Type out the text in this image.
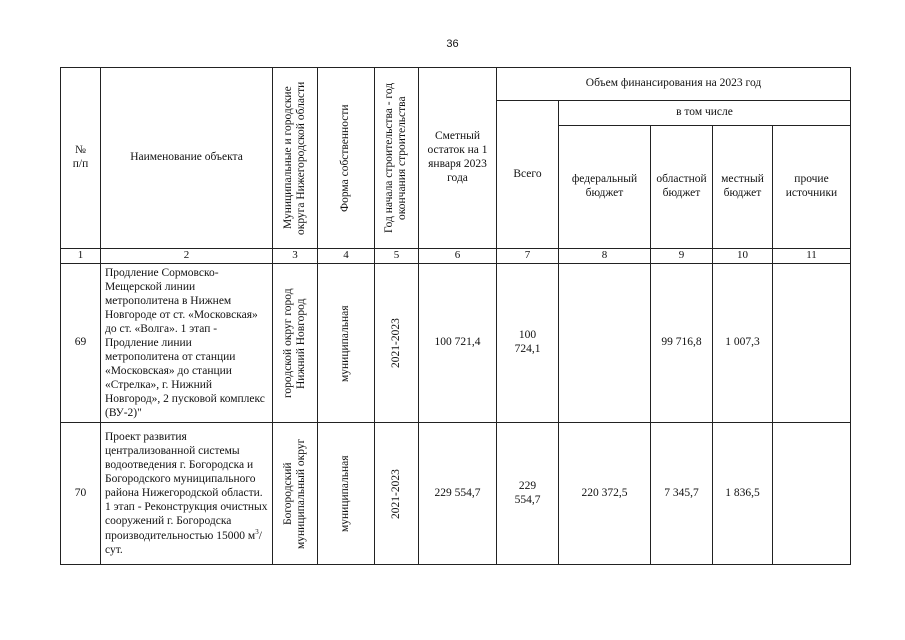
36
№ п/п	Наименование объекта	Муниципальные и городские округа Нижегородской области	Форма собственности	Год начала строительства - год окончания строительства	Сметный остаток на 1 января 2023 года	Объем финансирования на 2023 год				
						Всего	в том числе			
							федеральный бюджет	областной бюджет	местный бюджет	прочие источники
1	2	3	4	5	6	7	8	9	10	11
69	Продление Сормовско-Мещерской линии метрополитена в Нижнем Новгороде от ст. «Московская» до ст. «Волга». 1 этап - Продление линии метрополитена от станции «Московская» до станции «Стрелка», г. Нижний Новгород», 2 пусковой комплекс (ВУ-2)"	городской округ город Нижний Новгород	муниципальная	2021-2023	100 721,4	100 724,1		99 716,8	1 007,3	
70	Проект развития централизованной системы водоотведения г. Богородска и Богородского муниципального района Нижегородской области. 1 этап - Реконструкция очистных сооружений г. Богородска производительностью 15000 $м^3$/сут.	Богородский муниципальный округ	муниципальная	2021-2023	229 554,7	229 554,7	220 372,5	7 345,7	1 836,5	
